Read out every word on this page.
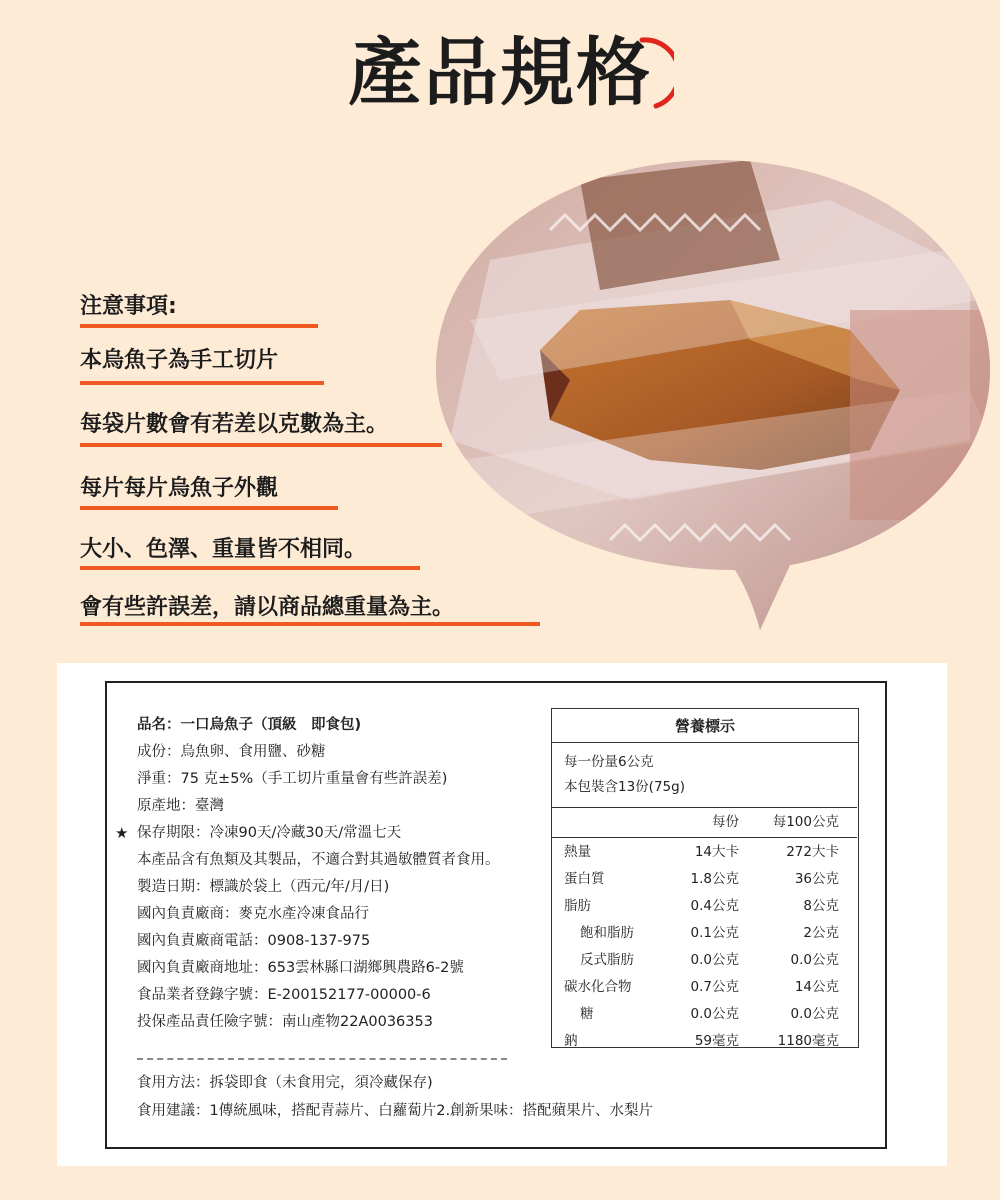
產品規格
注意事項:
本烏魚子為手工切片
每袋片數會有若差以克數為主。
每片每片烏魚子外觀
大小、色澤、重量皆不相同。
會有些許誤差，請以商品總重量為主。
品名：一口烏魚子（頂級　即食包)
成份：烏魚卵、食用鹽、砂糖
淨重：75 克±5%（手工切片重量會有些許誤差)
原產地：臺灣
★ 保存期限：冷凍90天/冷藏30天/常溫七天
本產品含有魚類及其製品，不適合對其過敏體質者食用。
製造日期：標識於袋上（西元/年/月/日)
國內負責廠商：麥克水產冷凍食品行
國內負責廠商電話：0908-137-975
國內負責廠商地址：653雲林縣口湖鄉興農路6-2號
食品業者登錄字號：E-200152177-00000-6
投保產品責任險字號：南山產物22A0036353
食用方法：拆袋即食（未食用完，須冷藏保存)
食用建議：1傳統風味，搭配青蒜片、白蘿蔔片2.創新果味：搭配蘋果片、水梨片
營養標示
每一份量6公克
本包裝含13份(75g)
每份 每100公克
熱量	14大卡	272大卡
蛋白質	1.8公克	36公克
脂肪	0.4公克	8公克
飽和脂肪	0.1公克	2公克
反式脂肪	0.0公克	0.0公克
碳水化合物	0.7公克	14公克
糖	0.0公克	0.0公克
鈉	59毫克	1180毫克
